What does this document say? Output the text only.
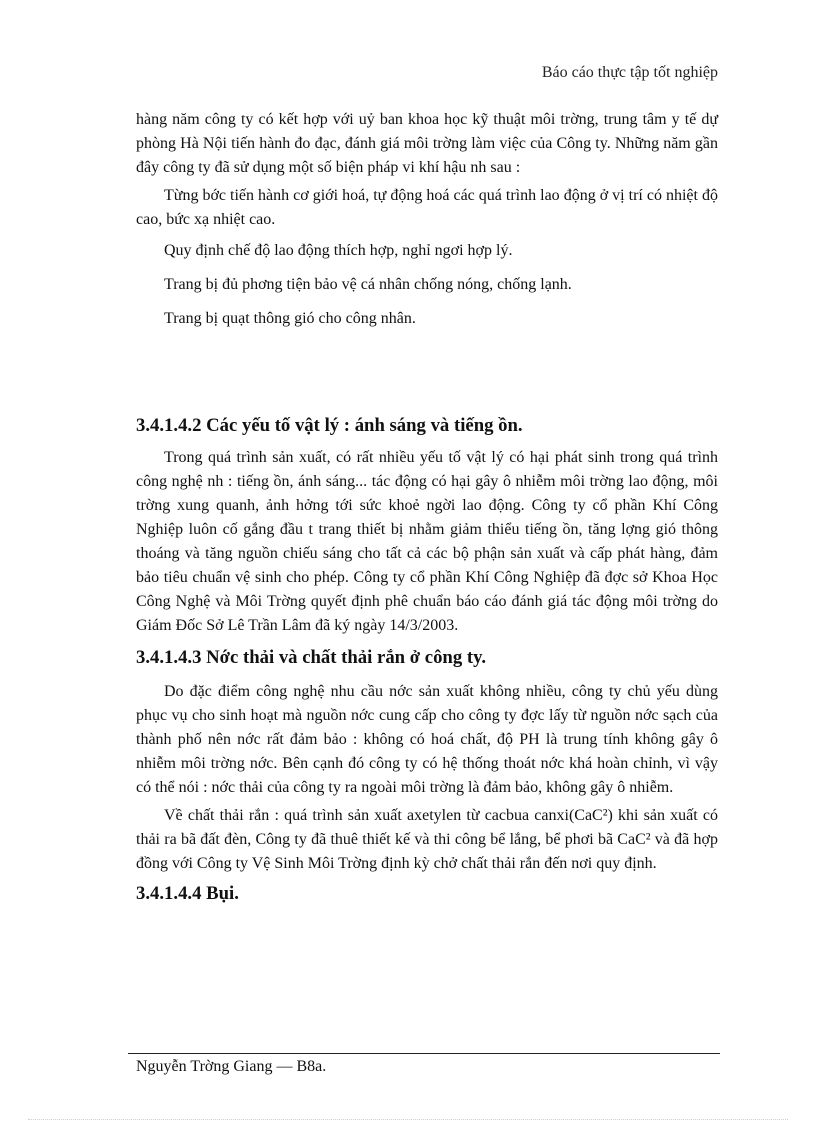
Báo cáo thực tập tốt nghiệp

hàng năm công ty có kết hợp với uỷ ban khoa học kỹ thuật môi trờng, trung tâm y tế dự phòng Hà Nội tiến hành đo đạc, đánh giá môi trờng làm việc của Công ty. Những năm gần đây công ty đã sử dụng một số biện pháp vi khí hậu nh sau :

Từng bớc tiến hành cơ giới hoá, tự động hoá các quá trình lao động ở vị trí có nhiệt độ cao, bức xạ nhiệt cao.

Quy định chế độ lao động thích hợp, nghỉ ngơi hợp lý.

Trang bị đủ phơng tiện bảo vệ cá nhân chống nóng, chống lạnh.

Trang bị quạt thông gió cho công nhân.

3.4.1.4.2 Các yếu tố vật lý : ánh sáng và tiếng ồn.

Trong quá trình sản xuất, có rất nhiều yếu tố vật lý có hại phát sinh trong quá trình công nghệ nh : tiếng ồn, ánh sáng... tác động có hại gây ô nhiễm môi trờng lao động, môi trờng xung quanh, ảnh hởng tới sức khoẻ ngời lao động. Công ty cổ phần Khí Công Nghiệp luôn cố gắng đầu t trang thiết bị nhằm giảm thiểu tiếng ồn, tăng lợng gió thông thoáng và tăng nguồn chiếu sáng cho tất cả các bộ phận sản xuất và cấp phát hàng, đảm bảo tiêu chuẩn vệ sinh cho phép. Công ty cổ phần Khí Công Nghiệp đã đợc sở Khoa Học Công Nghệ và Môi Trờng quyết định phê chuẩn báo cáo đánh giá tác động môi trờng do Giám Đốc Sở Lê Trần Lâm đã ký ngày 14/3/2003.

3.4.1.4.3 Nớc thải và chất thải rắn ở công ty.

Do đặc điểm công nghệ nhu cầu nớc sản xuất không nhiều, công ty chủ yếu dùng phục vụ cho sinh hoạt mà nguồn nớc cung cấp cho công ty đợc lấy từ nguồn nớc sạch của thành phố nên nớc rất đảm bảo : không có hoá chất, độ PH là trung tính không gây ô nhiễm môi trờng nớc. Bên cạnh đó công ty có hệ thống thoát nớc khá hoàn chỉnh, vì vậy có thể nói : nớc thải của công ty ra ngoài môi trờng là đảm bảo, không gây ô nhiễm.

Về chất thải rắn : quá trình sản xuất axetylen từ cacbua canxi(CaC²) khi sản xuất có thải ra bã đất đèn, Công ty đã thuê thiết kế và thi công bể lắng, bể phơi bã CaC² và đã hợp đồng với Công ty Vệ Sinh Môi Trờng định kỳ chở chất thải rắn đến nơi quy định.

3.4.1.4.4 Bụi.
Nguyễn Trờng Giang — B8a.
